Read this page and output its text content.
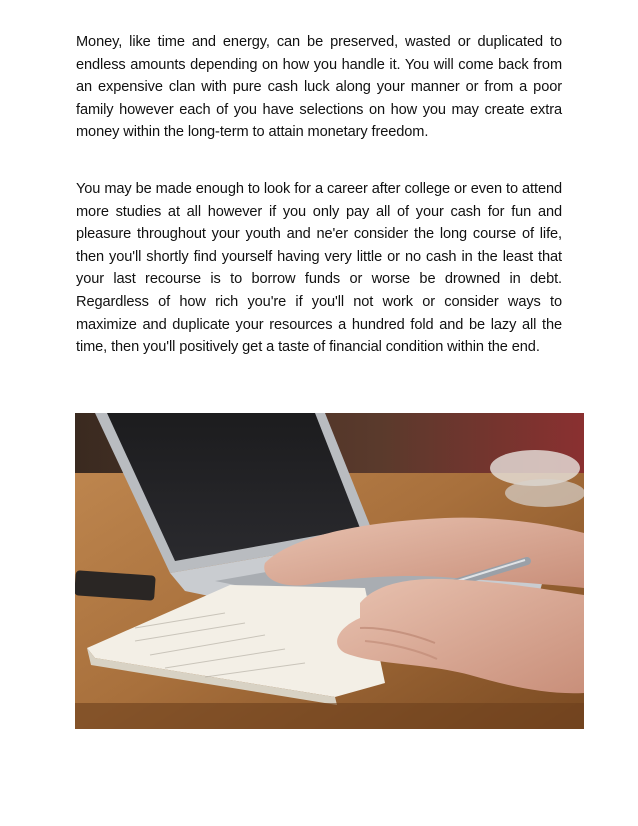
Money, like time and energy, can be preserved, wasted or duplicated to endless amounts depending on how you handle it. You will come back from an expensive clan with pure cash luck along your manner or from a poor family however each of you have selections on how you may create extra money within the long-term to attain monetary freedom.

You may be made enough to look for a career after college or even to attend more studies at all however if you only pay all of your cash for fun and pleasure throughout your youth and ne'er consider the long course of life, then you'll shortly find yourself having very little or no cash in the least that your last recourse is to borrow funds or worse be drowned in debt. Regardless of how rich you're if you'll not work or consider ways to maximize and duplicate your resources a hundred fold and be lazy all the time, then you'll positively get a taste of financial condition within the end.
